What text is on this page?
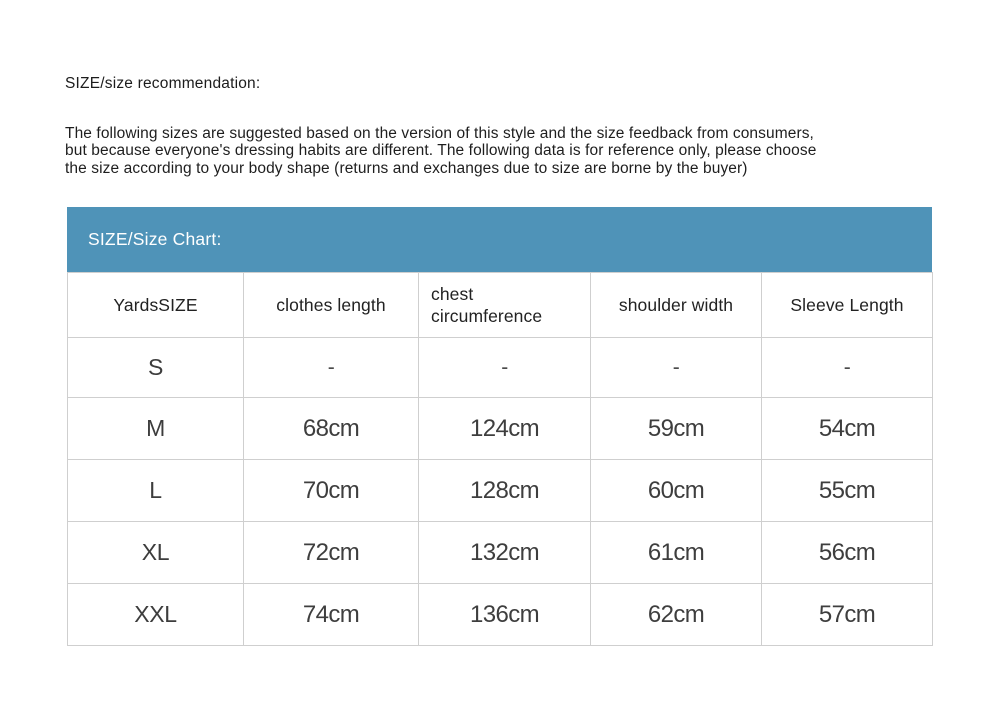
SIZE/size recommendation:

The following sizes are suggested based on the version of this style and the size feedback from consumers,
but because everyone's dressing habits are different. The following data is for reference only, please choose
the size according to your body shape (returns and exchanges due to size are borne by the buyer)

SIZE/Size Chart:
YardsSIZE	clothes length	chest circumference	shoulder width	Sleeve Length
S	-	-	-	-
M	68cm	124cm	59cm	54cm
L	70cm	128cm	60cm	55cm
XL	72cm	132cm	61cm	56cm
XXL	74cm	136cm	62cm	57cm
